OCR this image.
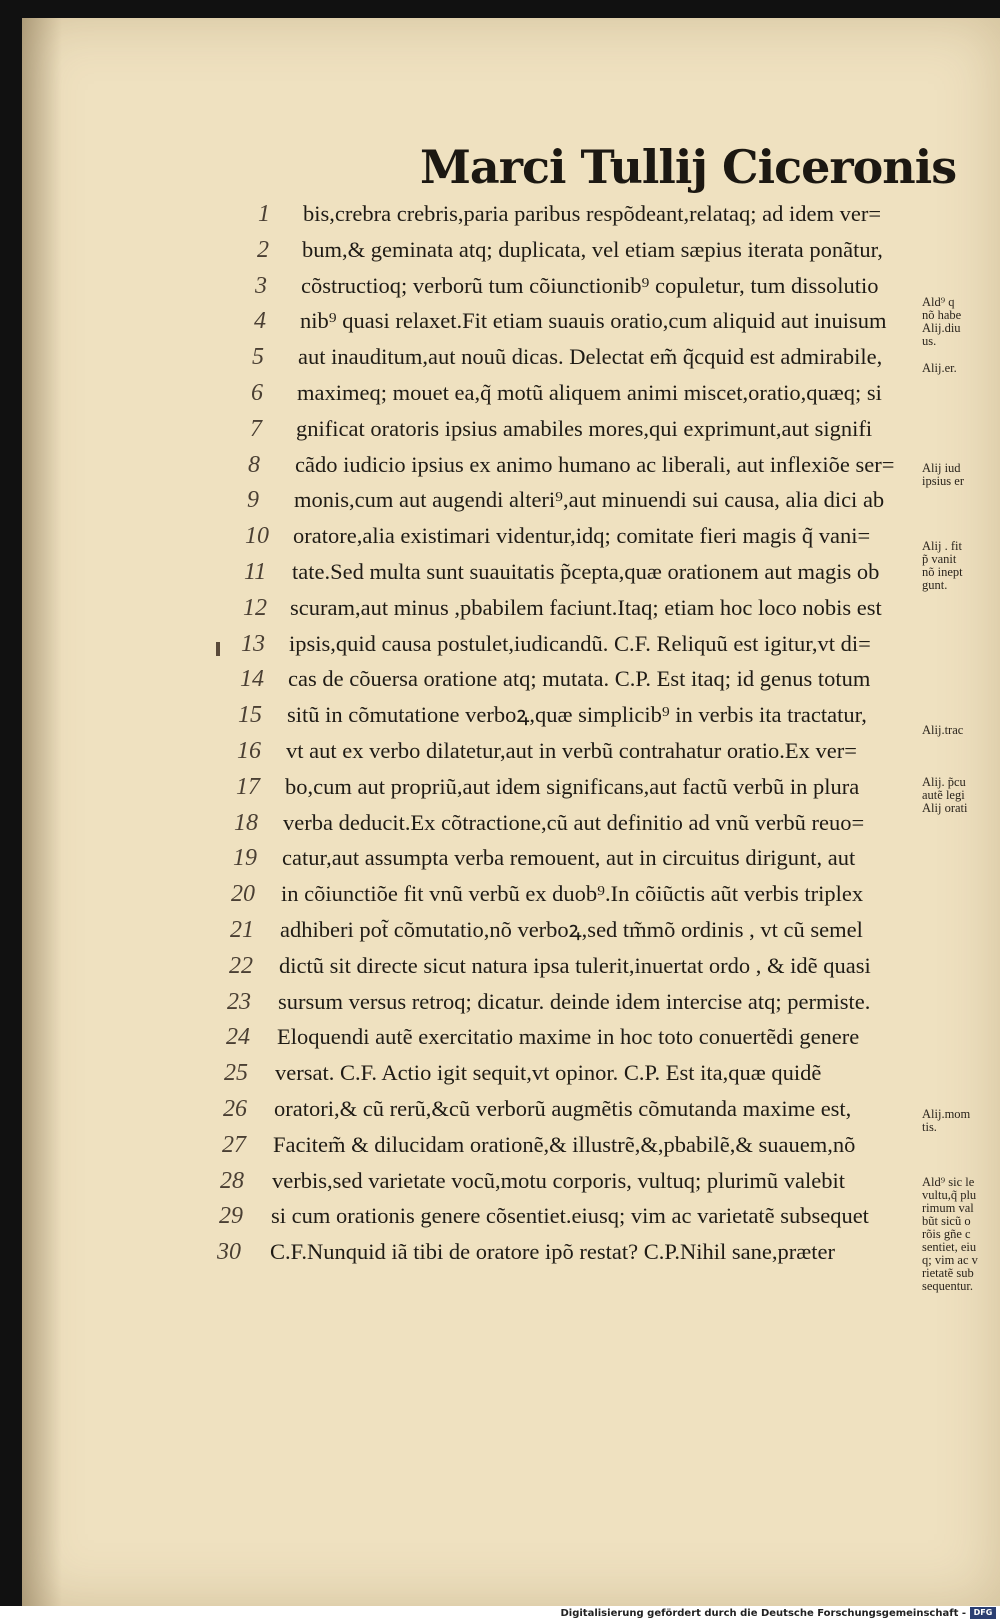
Marci Tullij Ciceronis
1 bis,crebra crebris,paria paribus respõdeant,relataq; ad idem ver=
2 bum,& geminata atq; duplicata, vel etiam sæpius iterata ponãtur,
3 cõstructioq; verborũ tum cõiunctionib⁹ copuletur, tum dissolutio
4 nib⁹ quasi relaxet.Fit etiam suauis oratio,cum aliquid aut inuisum
5 aut inauditum,aut nouũ dicas. Delectat em̃ q̃cquid est admirabile,
6 maximeq; mouet ea,q̃ motũ aliquem animi miscet,oratio,quæq; si
7 gnificat oratoris ipsius amabiles mores,qui exprimunt,aut signifi
8 cãdo iudicio ipsius ex animo humano ac liberali, aut inflexiõe ser=
9 monis,cum aut augendi alteri⁹,aut minuendi sui causa, alia dici ab
10 oratore,alia existimari videntur,idq; comitate fieri magis q̃ vani=
11 tate.Sed multa sunt suauitatis p̃cepta,quæ orationem aut magis ob
12 scuram,aut minus ,pbabilem faciunt.Itaq; etiam hoc loco nobis est
13 ipsis,quid causa postulet,iudicandũ. C.F. Reliquũ est igitur,vt di=
14 cas de cõuersa oratione atq; mutata. C.P. Est itaq; id genus totum
15 sitũ in cõmutatione verboꝝ,quæ simplicib⁹ in verbis ita tractatur,
16 vt aut ex verbo dilatetur,aut in verbũ contrahatur oratio.Ex ver=
17 bo,cum aut propriũ,aut idem significans,aut factũ verbũ in plura
18 verba deducit.Ex cõtractione,cũ aut definitio ad vnũ verbũ reuo=
19 catur,aut assumpta verba remouent, aut in circuitus dirigunt, aut
20 in cõiunctiõe fit vnũ verbũ ex duob⁹.In cõiũctis aũt verbis triplex
21 adhiberi pot̃ cõmutatio,nõ verboꝝ,sed tm̃mõ ordinis , vt cũ semel
22 dictũ sit directe sicut natura ipsa tulerit,inuertat ordo , & idẽ quasi
23 sursum versus retroq; dicatur. deinde idem intercise atq; permiste.
24 Eloquendi autẽ exercitatio maxime in hoc toto conuertẽdi genere
25 versat. C.F. Actio igit sequit,vt opinor. C.P. Est ita,quæ quidẽ
26 oratori,& cũ rerũ,&cũ verborũ augmẽtis cõmutanda maxime est,
27 Facitem̃ & dilucidam orationẽ,& illustrẽ,&,pbabilẽ,& suauem,nõ
28 verbis,sed varietate vocũ,motu corporis, vultuq; plurimũ valebit
29 si cum orationis genere cõsentiet.eiusq; vim ac varietatẽ subsequet
30 C.F.Nunquid iã tibi de oratore ipõ restat? C.P.Nihil sane,præter
Ald⁹ q
nõ habe
Alij.diu
us.
Alij.er.
Alij iud
ipsius er
Alij . fit
p̃ vanit
nõ inept
gunt.
Alij.trac
Alij. p̃cu
autẽ legi
Alij orati
Alij.mom
tis.
Ald⁹ sic le
vultu,q̃ plu
rimum val
bũt sicũ o
rõis gñe c
sentiet, eiu
q; vim ac v
rietatẽ sub
sequentur.
Digitalisierung gefördert durch die Deutsche Forschungsgemeinschaft - DFG
